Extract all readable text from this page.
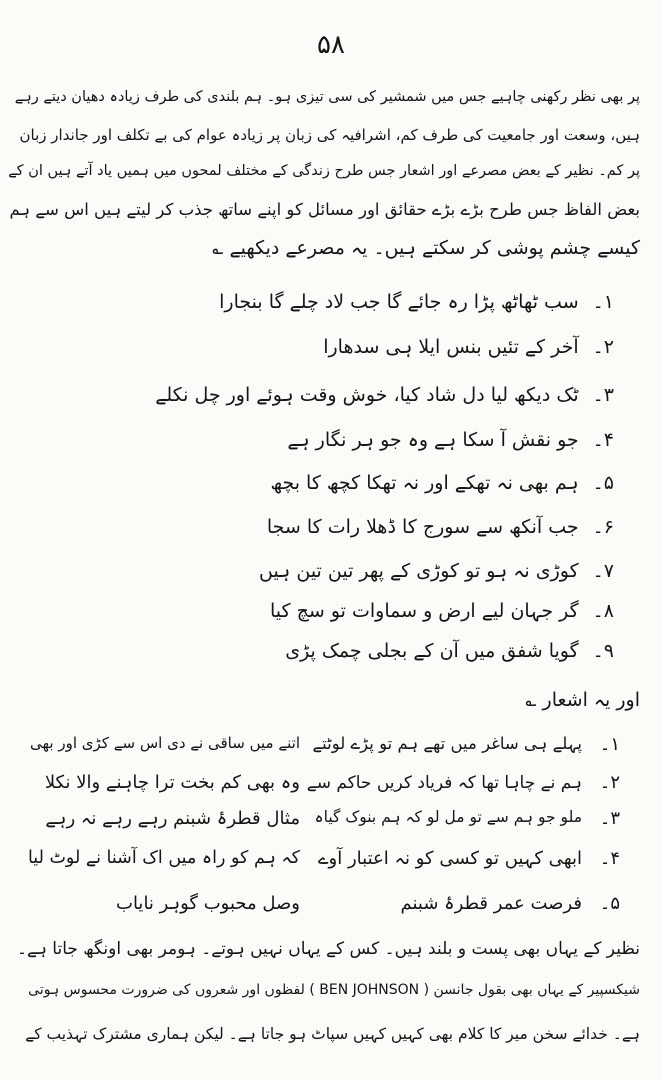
۵۸
پر بھی نظر رکھنی چاہیے جس میں شمشیر کی سی تیزی ہو۔ ہم بلندی کی طرف زیادہ دھیان دیتے رہے
ہیں، وسعت اور جامعیت کی طرف کم، اشرافیہ کی زبان پر زیادہ عوام کی بے تکلف اور جاندار زبان
پر کم۔ نظیر کے بعض مصرعے اور اشعار جس طرح زندگی کے مختلف لمحوں میں ہمیں یاد آتے ہیں ان کے
بعض الفاظ جس طرح بڑے بڑے حقائق اور مسائل کو اپنے ساتھ جذب کر لیتے ہیں اس سے ہم
کیسے چشم پوشی کر سکتے ہیں۔ یہ مصرعے دیکھیے ؎
۱۔سب ٹھاٹھ پڑا رہ جائے گا جب لاد چلے گا بنجارا
۲۔آخر کے تئیں بنس ایلا ہی سدھارا
۳۔ٹک دیکھ لیا دل شاد کیا، خوش وقت ہوئے اور چل نکلے
۴۔جو نقش آ سکا ہے وہ جو ہر نگار ہے
۵۔ہم بھی نہ تھکے اور نہ تھکا کچھ کا بچھ
۶۔جب آنکھ سے سورج کا ڈھلا رات کا سجا
۷۔کوڑی نہ ہو تو کوڑی کے پھر تین تین ہیں
۸۔گر جہان لیے ارض و سماوات تو سچ کیا
۹۔گویا شفق میں آن کے بجلی چمک پڑی
اور یہ اشعار ؎
۱۔
پہلے ہی ساغر میں تھے ہم تو پڑے لوٹتے
اتنے میں ساقی نے دی اس سے کڑی اور بھی
۲۔
ہم نے چاہا تھا کہ فریاد کریں حاکم سے
وہ بھی کم بخت ترا چاہنے والا نکلا
۳۔
ملو جو ہم سے تو مل لو کہ ہم بنوک گیاہ
مثال قطرۂ شبنم رہے رہے نہ رہے
۴۔
ابھی کہیں تو کسی کو نہ اعتبار آوے
کہ ہم کو راہ میں اک آشنا نے لوٹ لیا
۵۔
فرصت عمر قطرۂ شبنم
وصل محبوب گوہر نایاب
نظیر کے یہاں بھی پست و بلند ہیں۔ کس کے یہاں نہیں ہوتے۔ ہومر بھی اونگھ جاتا ہے۔
شیکسپیر کے یہاں بھی بقول جانسن ( BEN JOHNSON ) لفظوں اور شعروں کی ضرورت محسوس ہوتی
ہے۔ خدائے سخن میر کا کلام بھی کہیں کہیں سپاٹ ہو جاتا ہے۔ لیکن ہماری مشترک تہذیب کے
